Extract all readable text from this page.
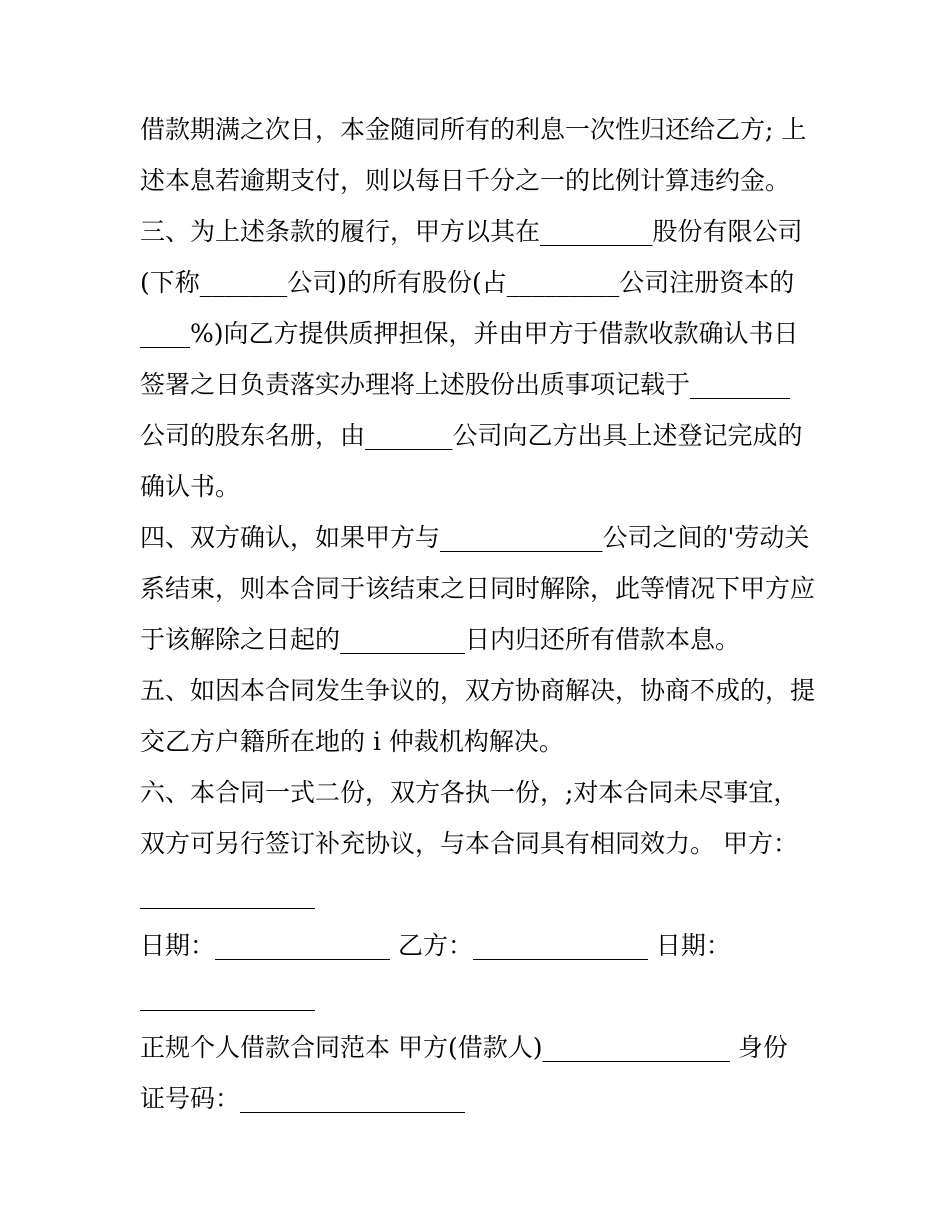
借款期满之次日，本金随同所有的利息一次性归还给乙方; 上
述本息若逾期支付，则以每日千分之一的比例计算违约金。
三、为上述条款的履行，甲方以其在_________股份有限公司
(下称_______公司)的所有股份(占_________公司注册资本的
____%)向乙方提供质押担保，并由甲方于借款收款确认书日
签署之日负责落实办理将上述股份出质事项记载于________
公司的股东名册，由_______公司向乙方出具上述登记完成的
确认书。
四、双方确认，如果甲方与_____________公司之间的'劳动关
系结束，则本合同于该结束之日同时解除，此等情况下甲方应
于该解除之日起的__________日内归还所有借款本息。
五、如因本合同发生争议的，双方协商解决，协商不成的，提
交乙方户籍所在地的 i 仲裁机构解决。
六、本合同一式二份，双方各执一份，;对本合同未尽事宜，
双方可另行签订补充协议，与本合同具有相同效力。 甲方：
______________
日期：______________ 乙方：______________ 日期：
______________
正规个人借款合同范本 甲方(借款人)_______________ 身份
证号码：__________________
